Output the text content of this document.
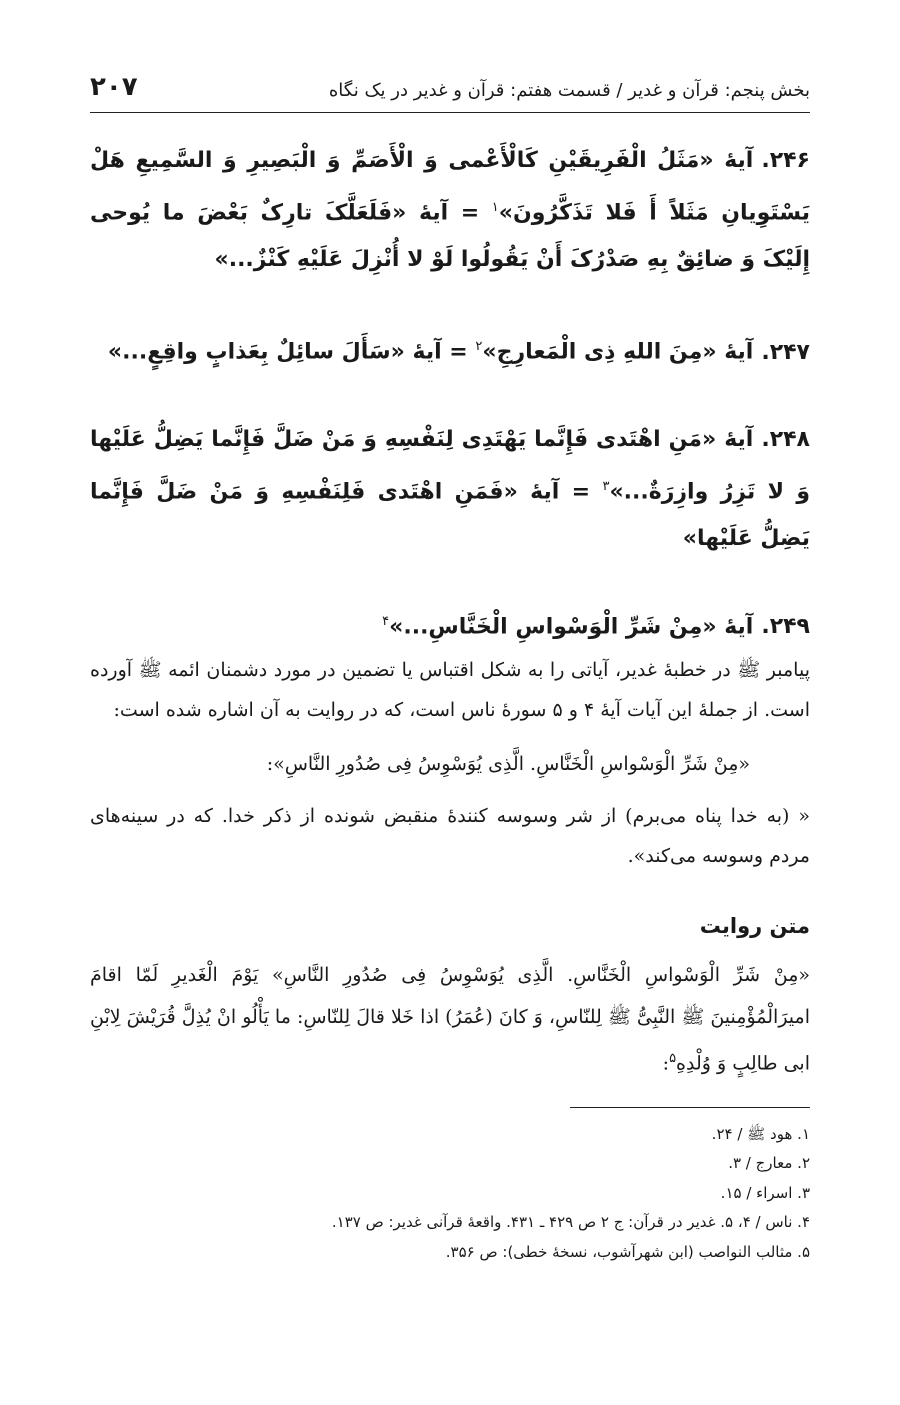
بخش پنجم: قرآن و غدیر / قسمت هفتم: قرآن و غدیر در یک نگاه
۲۰۷
۲۴۶.آیهٔ «مَثَلُ الْفَرِیقَیْنِ کَالْأَعْمی وَ الْأَصَمِّ وَ الْبَصِیرِ وَ السَّمِیعِ هَلْ یَسْتَوِیانِ مَثَلاً أَ فَلا تَذَکَّرُونَ»$^۱$ = آیهٔ «فَلَعَلَّکَ تارِکٌ بَعْضَ ما یُوحی إِلَیْکَ وَ ضائِقٌ بِهِ صَدْرُکَ أَنْ یَقُولُوا لَوْ لا أُنْزِلَ عَلَیْهِ کَنْزٌ...»
۲۴۷.آیهٔ «مِنَ اللهِ ذِی الْمَعارِجِ»$^۲$ = آیهٔ «سَأَلَ سائِلٌ بِعَذابٍ واقِعٍ...»
۲۴۸.آیهٔ «مَنِ اهْتَدی فَإِنَّما یَهْتَدِی لِنَفْسِهِ وَ مَنْ ضَلَّ فَإِنَّما یَضِلُّ عَلَیْها وَ لا تَزِرُ وازِرَةٌ...»$^۳$ = آیهٔ «فَمَنِ اهْتَدی فَلِنَفْسِهِ وَ مَنْ ضَلَّ فَإِنَّما یَضِلُّ عَلَیْها»
۲۴۹.آیهٔ «مِنْ شَرِّ الْوَسْواسِ الْخَنَّاسِ...»$^۴$

پیامبر ﷺ در خطبهٔ غدیر، آیاتی را به شکل اقتباس یا تضمین در مورد دشمنان ائمه ﷺ آورده است. از جملهٔ این آیات آیهٔ ۴ و ۵ سورهٔ ناس است، که در روایت به آن اشاره شده است:

«مِنْ شَرِّ الْوَسْواسِ الْخَنَّاسِ. الَّذِی یُوَسْوِسُ فِی صُدُورِ النَّاسِ»:
« (به خدا پناه می‌برم) از شر وسوسه کنندهٔ منقبض شونده از ذکر خدا. که در سینه‌های مردم وسوسه می‌کند».
متن روایت
«مِنْ شَرِّ الْوَسْواسِ الْخَنَّاسِ. الَّذِی یُوَسْوِسُ فِی صُدُورِ النَّاسِ» یَوْمَ الْغَدیرِ لَمّا اقامَ امیرَالْمُؤْمِنینَ ﷺ النَّبِیُّ ﷺ لِلنّاسِ، وَ کانَ (عُمَرُ) اذا خَلا قالَ لِلنّاسِ: ما یَأْلُو انْ یُذِلَّ قُرَیْشَ لِابْنِ ابی طالِبٍ وَ وُلْدِهِ$^۵$:
۱. هود ﷺ / ۲۴.
۲. معارج / ۳.
۳. اسراء / ۱۵.
۴. ناس / ۴، ۵. غدیر در قرآن: ج ۲ ص ۴۲۹ ـ ۴۳۱. واقعهٔ قرآنی غدیر: ص ۱۳۷.
۵. مثالب النواصب (ابن شهرآشوب، نسخهٔ خطی): ص ۳۵۶.
